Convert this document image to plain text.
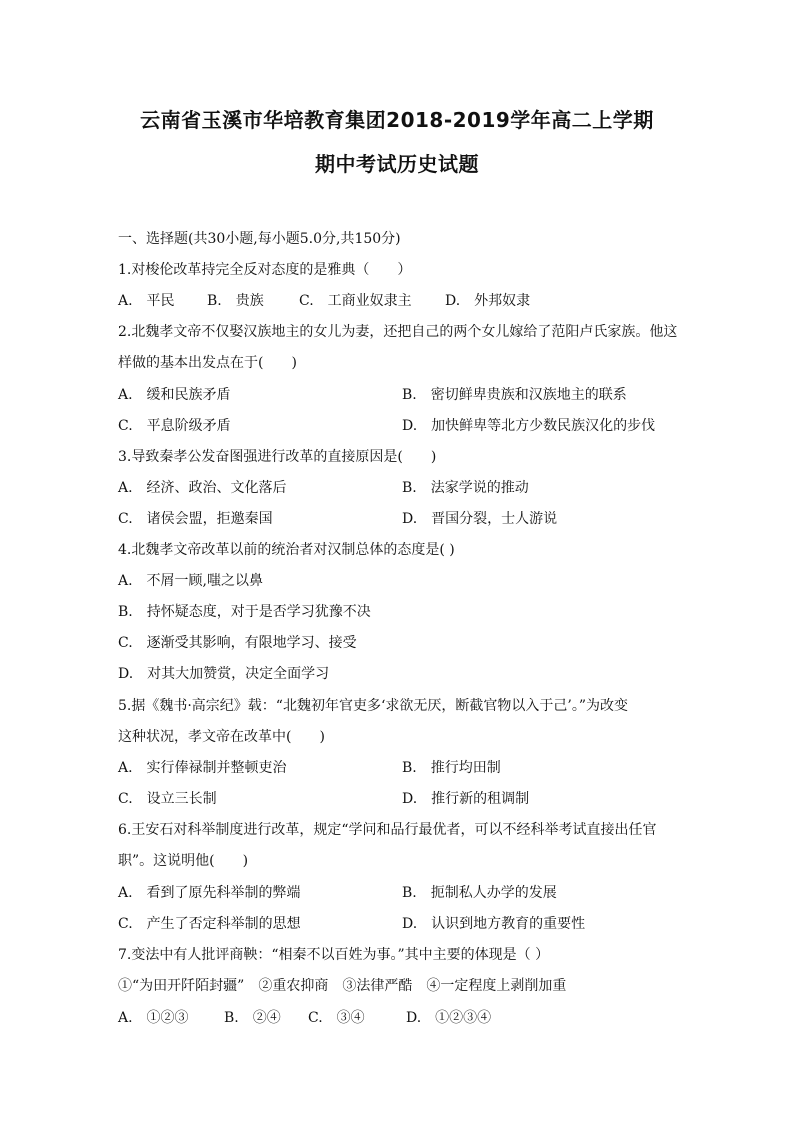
云南省玉溪市华培教育集团2018-2019学年高二上学期
期中考试历史试题
一、选择题(共30小题,每小题5.0分,共150分)
1.对梭伦改革持完全反对态度的是雅典（　　）
A.　平民 B.　贵族	C.　工商业奴隶主 D.　外邦奴隶
2.北魏孝文帝不仅娶汉族地主的女儿为妻，还把自己的两个女儿嫁给了范阳卢氏家族。他这
样做的基本出发点在于(　　)
A.　缓和民族矛盾	B.　密切鲜卑贵族和汉族地主的联系
C.　平息阶级矛盾	D.　加快鲜卑等北方少数民族汉化的步伐
3.导致秦孝公发奋图强进行改革的直接原因是(　　)
A.　经济、政治、文化落后	B.　法家学说的推动
C.　诸侯会盟，拒邀秦国	D.　晋国分裂，士人游说
4.北魏孝文帝改革以前的统治者对汉制总体的态度是( )
A.　不屑一顾,嗤之以鼻
B.　持怀疑态度，对于是否学习犹豫不决
C.　逐渐受其影响，有限地学习、接受
D.　对其大加赞赏，决定全面学习
5.据《魏书·高宗纪》载：“北魏初年官吏多‘求欲无厌，断截官物以入于己’。”为改变
这种状况，孝文帝在改革中(　　)
A.　实行俸禄制并整顿吏治	B.　推行均田制
C.　设立三长制	D.　推行新的租调制
6.王安石对科举制度进行改革，规定“学问和品行最优者，可以不经科举考试直接出任官
职”。这说明他(　　)
A.　看到了原先科举制的弊端	B.　扼制私人办学的发展
C.　产生了否定科举制的思想	D.　认识到地方教育的重要性
7.变法中有人批评商鞅：“相秦不以百姓为事。”其中主要的体现是（ ）
①“为田开阡陌封疆”　②重农抑商　③法律严酷　④一定程度上剥削加重
A.　①②③	B.　②④ C.　③④	D.　①②③④
